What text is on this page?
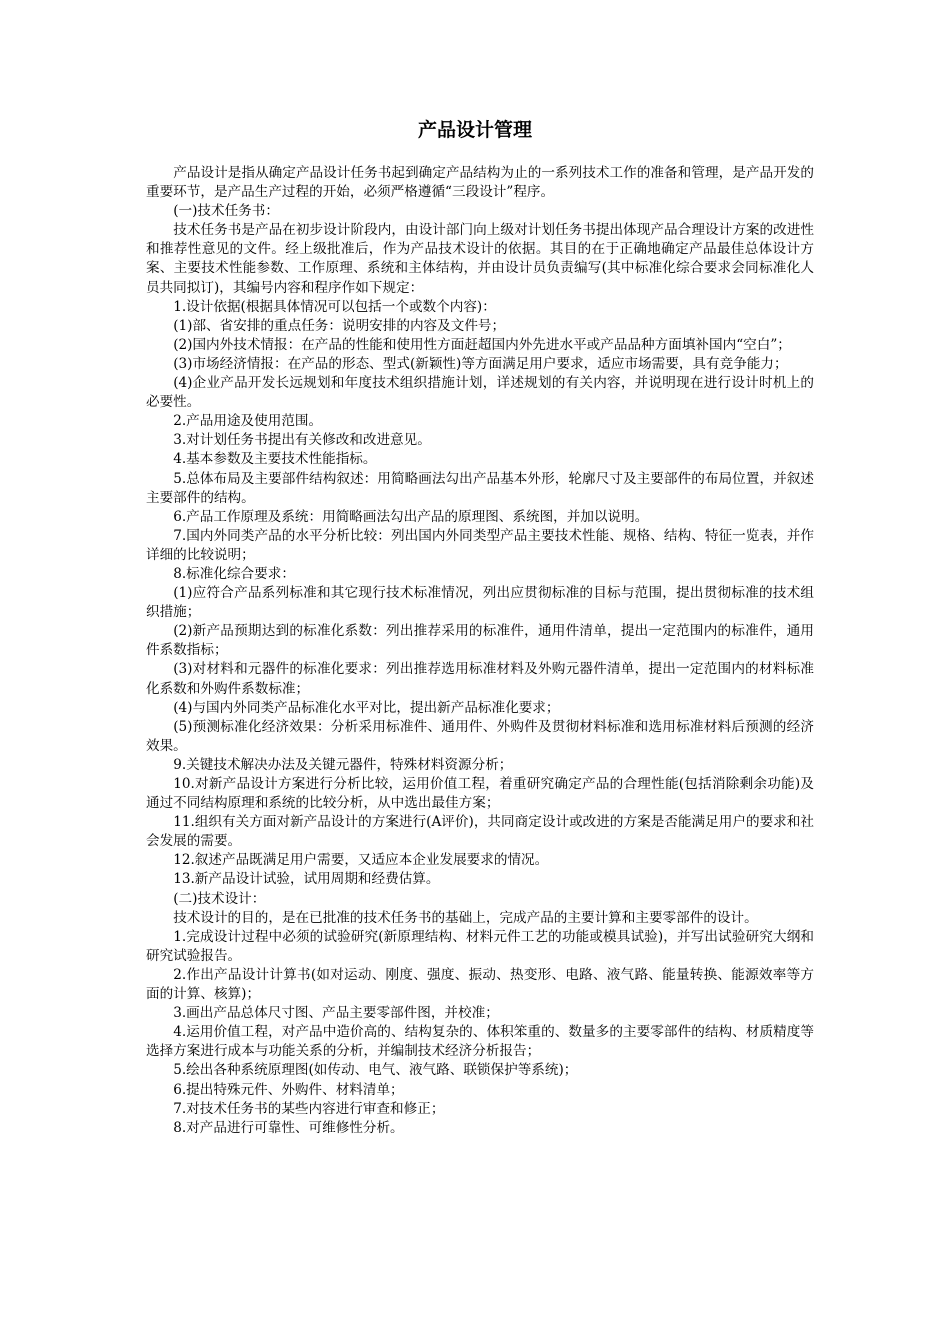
产品设计管理

产品设计是指从确定产品设计任务书起到确定产品结构为止的一系列技术工作的准备和管理，是产品开发的重要环节，是产品生产过程的开始，必须严格遵循“三段设计”程序。

(一)技术任务书：

技术任务书是产品在初步设计阶段内，由设计部门向上级对计划任务书提出体现产品合理设计方案的改进性和推荐性意见的文件。经上级批准后，作为产品技术设计的依据。其目的在于正确地确定产品最佳总体设计方案、主要技术性能参数、工作原理、系统和主体结构，并由设计员负责编写(其中标准化综合要求会同标准化人员共同拟订)，其编号内容和程序作如下规定：

1.设计依据(根据具体情况可以包括一个或数个内容)：

(1)部、省安排的重点任务：说明安排的内容及文件号；

(2)国内外技术情报：在产品的性能和使用性方面赶超国内外先进水平或产品品种方面填补国内“空白”；

(3)市场经济情报：在产品的形态、型式(新颖性)等方面满足用户要求，适应市场需要，具有竞争能力；

(4)企业产品开发长远规划和年度技术组织措施计划，详述规划的有关内容，并说明现在进行设计时机上的必要性。

2.产品用途及使用范围。

3.对计划任务书提出有关修改和改进意见。

4.基本参数及主要技术性能指标。

5.总体布局及主要部件结构叙述：用简略画法勾出产品基本外形，轮廓尺寸及主要部件的布局位置，并叙述主要部件的结构。

6.产品工作原理及系统：用简略画法勾出产品的原理图、系统图，并加以说明。

7.国内外同类产品的水平分析比较：列出国内外同类型产品主要技术性能、规格、结构、特征一览表，并作详细的比较说明；

8.标准化综合要求：

(1)应符合产品系列标准和其它现行技术标准情况，列出应贯彻标准的目标与范围，提出贯彻标准的技术组织措施；

(2)新产品预期达到的标准化系数：列出推荐采用的标准件，通用件清单，提出一定范围内的标准件，通用件系数指标；

(3)对材料和元器件的标准化要求：列出推荐选用标准材料及外购元器件清单，提出一定范围内的材料标准化系数和外购件系数标准；

(4)与国内外同类产品标准化水平对比，提出新产品标准化要求；

(5)预测标准化经济效果：分析采用标准件、通用件、外购件及贯彻材料标准和选用标准材料后预测的经济效果。

9.关键技术解决办法及关键元器件，特殊材料资源分析；

10.对新产品设计方案进行分析比较，运用价值工程，着重研究确定产品的合理性能(包括消除剩余功能)及通过不同结构原理和系统的比较分析，从中选出最佳方案；

11.组织有关方面对新产品设计的方案进行(A评价)，共同商定设计或改进的方案是否能满足用户的要求和社会发展的需要。

12.叙述产品既满足用户需要，又适应本企业发展要求的情况。

13.新产品设计试验，试用周期和经费估算。

(二)技术设计：

技术设计的目的，是在已批准的技术任务书的基础上，完成产品的主要计算和主要零部件的设计。

1.完成设计过程中必须的试验研究(新原理结构、材料元件工艺的功能或模具试验)，并写出试验研究大纲和研究试验报告。

2.作出产品设计计算书(如对运动、刚度、强度、振动、热变形、电路、液气路、能量转换、能源效率等方面的计算、核算)；

3.画出产品总体尺寸图、产品主要零部件图，并校准；

4.运用价值工程，对产品中造价高的、结构复杂的、体积笨重的、数量多的主要零部件的结构、材质精度等选择方案进行成本与功能关系的分析，并编制技术经济分析报告；

5.绘出各种系统原理图(如传动、电气、液气路、联锁保护等系统)；

6.提出特殊元件、外购件、材料清单；

7.对技术任务书的某些内容进行审查和修正；

8.对产品进行可靠性、可维修性分析。
